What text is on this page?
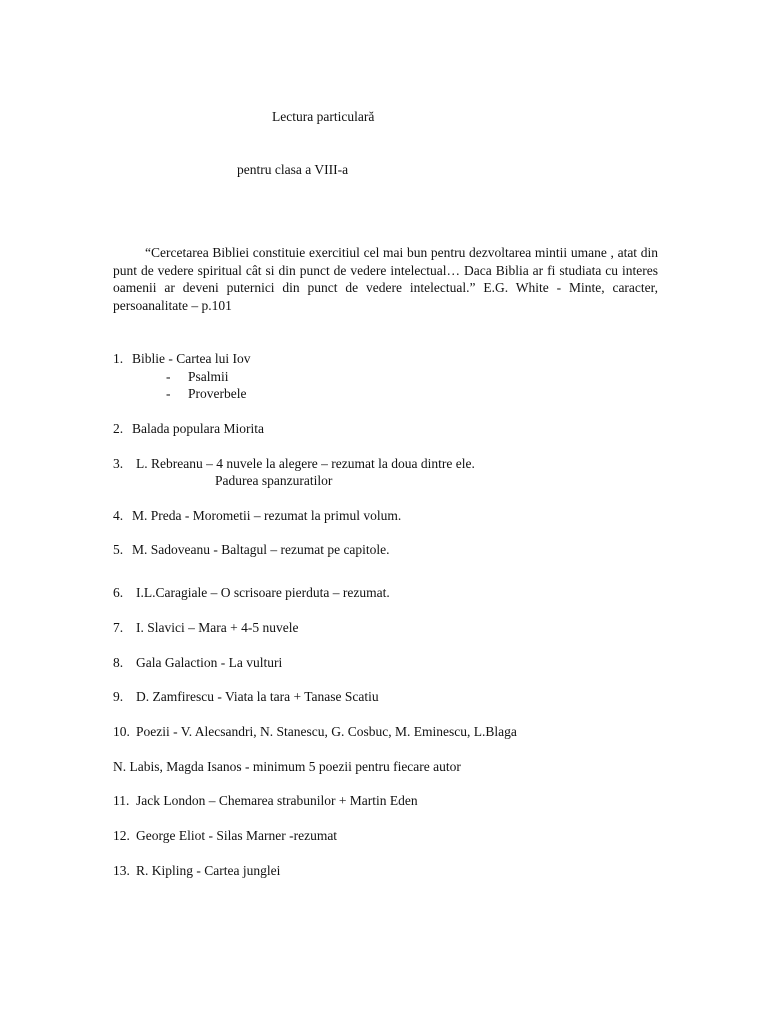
Lectura particulară
pentru clasa a VIII-a
“Cercetarea Bibliei constituie exercitiul cel mai bun pentru dezvoltarea mintii umane , atat din punt de vedere spiritual cât si din punct de vedere intelectual… Daca Biblia ar fi studiata cu interes oamenii ar deveni puternici din punct de vedere intelectual.” E.G. White - Minte, caracter, persoanalitate – p.101
1. Biblie - Cartea lui Iov
- Psalmii
- Proverbele
2. Balada populara Miorita
3. L. Rebreanu – 4 nuvele la alegere – rezumat la doua dintre ele.
Padurea spanzuratilor
4. M. Preda - Morometii – rezumat la primul volum.
5. M. Sadoveanu - Baltagul – rezumat pe capitole.
6. I.L.Caragiale – O scrisoare pierduta – rezumat.
7. I. Slavici – Mara + 4-5 nuvele
8. Gala Galaction - La vulturi
9. D. Zamfirescu - Viata la tara + Tanase Scatiu
10. Poezii - V. Alecsandri, N. Stanescu, G. Cosbuc, M. Eminescu, L.Blaga
N. Labis, Magda Isanos - minimum 5 poezii pentru fiecare autor
11. Jack London – Chemarea strabunilor + Martin Eden
12. George Eliot - Silas Marner -rezumat
13. R. Kipling - Cartea junglei
